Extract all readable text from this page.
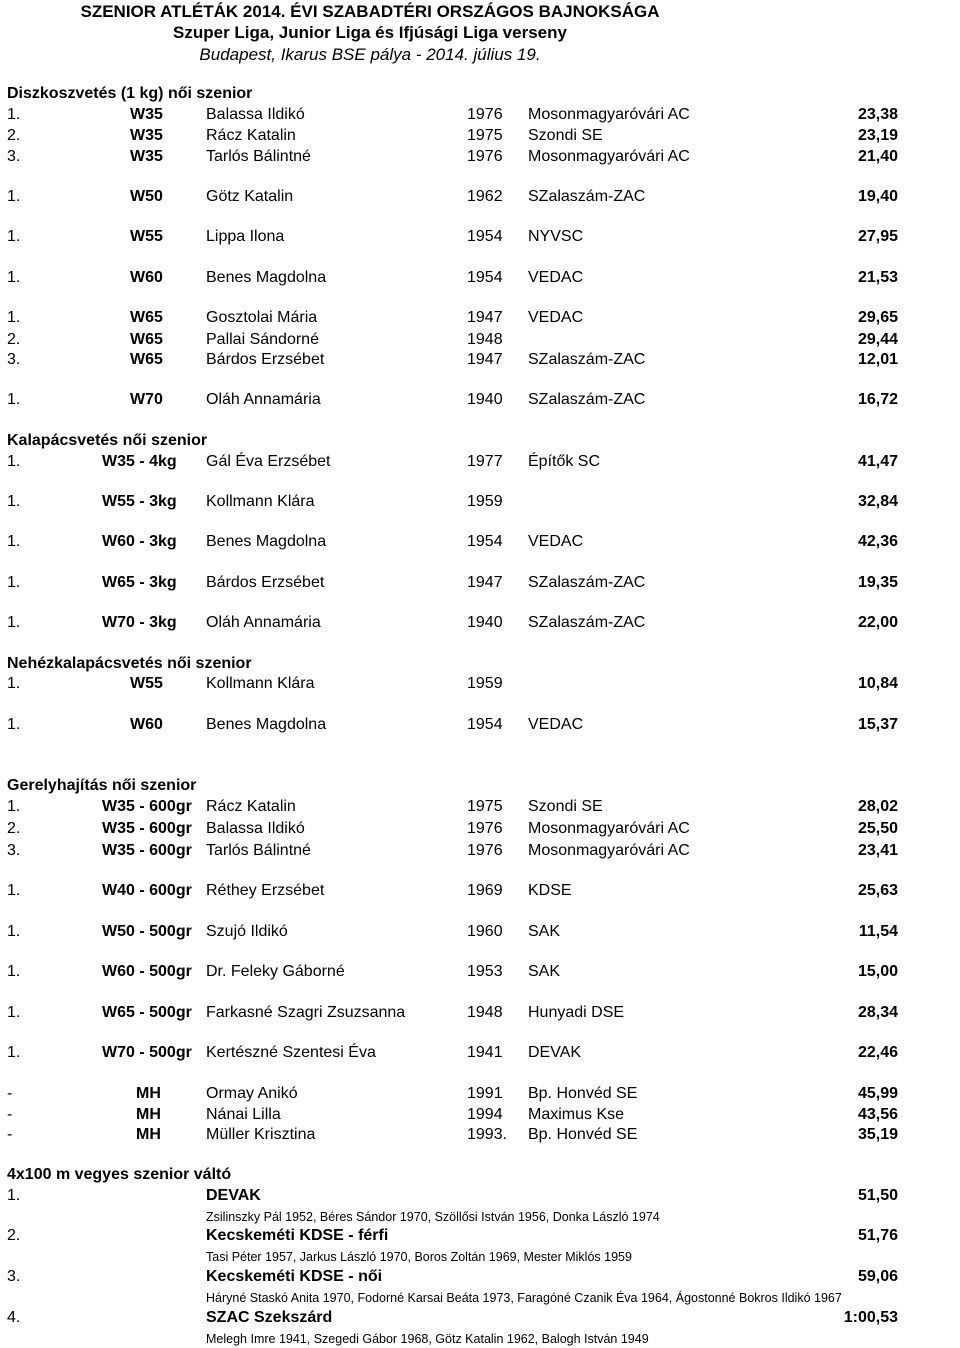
SZENIOR ATLÉTÁK 2014. ÉVI SZABADTÉRI ORSZÁGOS BAJNOKSÁGA
Szuper Liga, Junior Liga és Ifjúsági Liga verseny
Budapest, Ikarus BSE pálya - 2014. július 19.
Diszkoszvetés (1 kg) női szenior
1.	W35	Balassa Ildikó	1976 Mosonmagyaróvári AC	23,38
2.	W35	Rácz Katalin	1975 Szondi SE	23,19
3.	W35	Tarlós Bálintné	1976 Mosonmagyaróvári AC	21,40
1.	W50	Götz Katalin	1962 SZalaszám-ZAC	19,40
1.	W55	Lippa Ilona	1954 NYVSC	27,95
1.	W60	Benes Magdolna	1954 VEDAC	21,53
1.	W65	Gosztolai Mária	1947 VEDAC	29,65
2.	W65	Pallai Sándorné	1948	29,44
3.	W65	Bárdos Erzsébet	1947 SZalaszám-ZAC	12,01
1.	W70	Oláh Annamária	1940 SZalaszám-ZAC	16,72
Kalapácsvetés női szenior
1.	W35 - 4kg Gál Éva Erzsébet	1977 Építők SC	41,47
1.	W55 - 3kg Kollmann Klára	1959	32,84
1.	W60 - 3kg Benes Magdolna	1954 VEDAC	42,36
1.	W65 - 3kg Bárdos Erzsébet	1947 SZalaszám-ZAC	19,35
1.	W70 - 3kg Oláh Annamária	1940 SZalaszám-ZAC	22,00
Nehézkalapácsvetés női szenior
1.	W55	Kollmann Klára	1959	10,84
1.	W60	Benes Magdolna	1954 VEDAC	15,37
Gerelyhajítás női szenior
1.	W35 - 600gr Rácz Katalin	1975 Szondi SE	28,02
2.	W35 - 600gr Balassa Ildikó	1976 Mosonmagyaróvári AC	25,50
3.	W35 - 600gr Tarlós Bálintné	1976 Mosonmagyaróvári AC	23,41
1.	W40 - 600gr Réthey Erzsébet	1969 KDSE	25,63
1.	W50 - 500gr Szujó Ildikó	1960 SAK	11,54
1.	W60 - 500gr Dr. Feleky Gáborné	1953 SAK	15,00
1.	W65 - 500gr Farkasné Szagri Zsuzsanna	1948 Hunyadi DSE	28,34
1.	W70 - 500gr Kertészné Szentesi Éva	1941 DEVAK	22,46
-	MH	Ormay Anikó	1991 Bp. Honvéd SE	45,99
-	MH	Nánai Lilla	1994 Maximus Kse	43,56
-	MH	Müller Krisztina	1993. Bp. Honvéd SE	35,19
4x100 m vegyes szenior váltó
1.	DEVAK	51,50
Zsilinszky Pál 1952, Béres Sándor 1970, Szöllősi István 1956, Donka László 1974
2.	Kecskeméti KDSE - férfi	51,76
Tasi Péter 1957, Jarkus László 1970, Boros Zoltán 1969, Mester Miklós 1959
3.	Kecskeméti KDSE - női	59,06
Háryné Staskó Anita 1970, Fodorné Karsai Beáta 1973, Faragóné Czanik Éva 1964, Ágostonné Bokros Ildikó 1967
4.	SZAC Szekszárd	1:00,53
Melegh Imre 1941, Szegedi Gábor 1968, Götz Katalin 1962, Balogh István 1949
